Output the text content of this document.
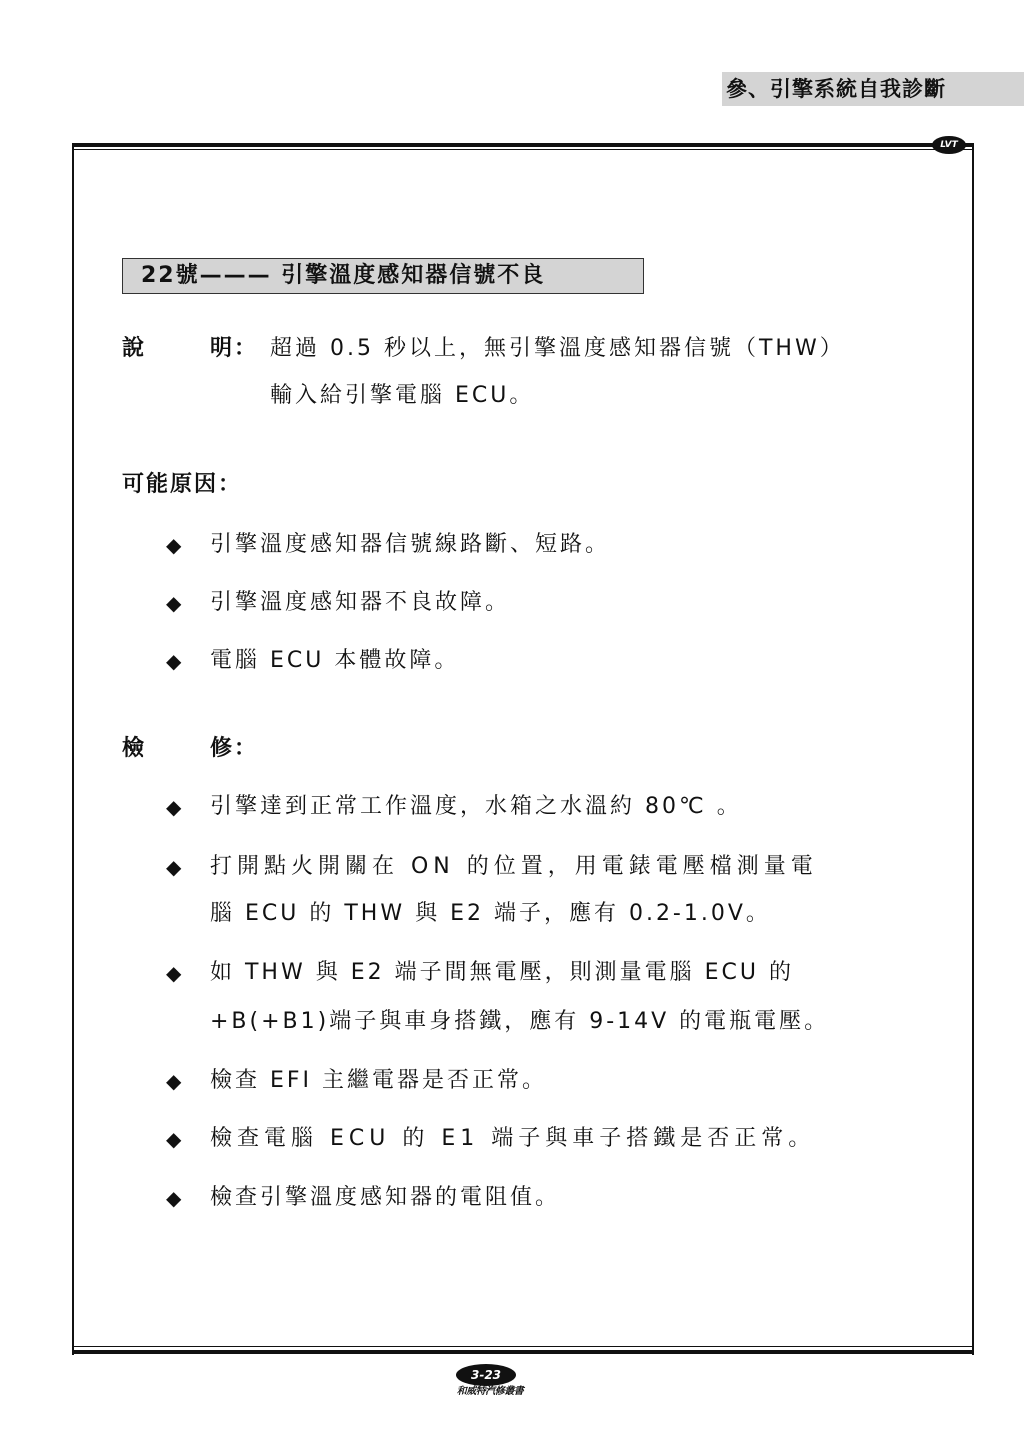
參、引擎系統自我診斷
LVT
22號——— 引擎溫度感知器信號不良
說	明： 超過 0.5 秒以上，無引擎溫度感知器信號（THW）
輸入給引擎電腦 ECU。
可能原因：
◆ 引擎溫度感知器信號線路斷、短路。
◆ 引擎溫度感知器不良故障。
◆ 電腦 ECU 本體故障。
檢	修：
◆ 引擎達到正常工作溫度，水箱之水溫約 80℃ 。
◆ 打開點火開關在 ON 的位置，用電錶電壓檔測量電
腦 ECU 的 THW 與 E2 端子，應有 0.2-1.0V。
◆ 如 THW 與 E2 端子間無電壓，則測量電腦 ECU 的
+B(+B1)端子與車身搭鐵，應有 9-14V 的電瓶電壓。
◆ 檢查 EFI 主繼電器是否正常。
◆ 檢查電腦 ECU 的 E1 端子與車子搭鐵是否正常。
◆ 檢查引擎溫度感知器的電阻值。
3-23
和威特汽修叢書
